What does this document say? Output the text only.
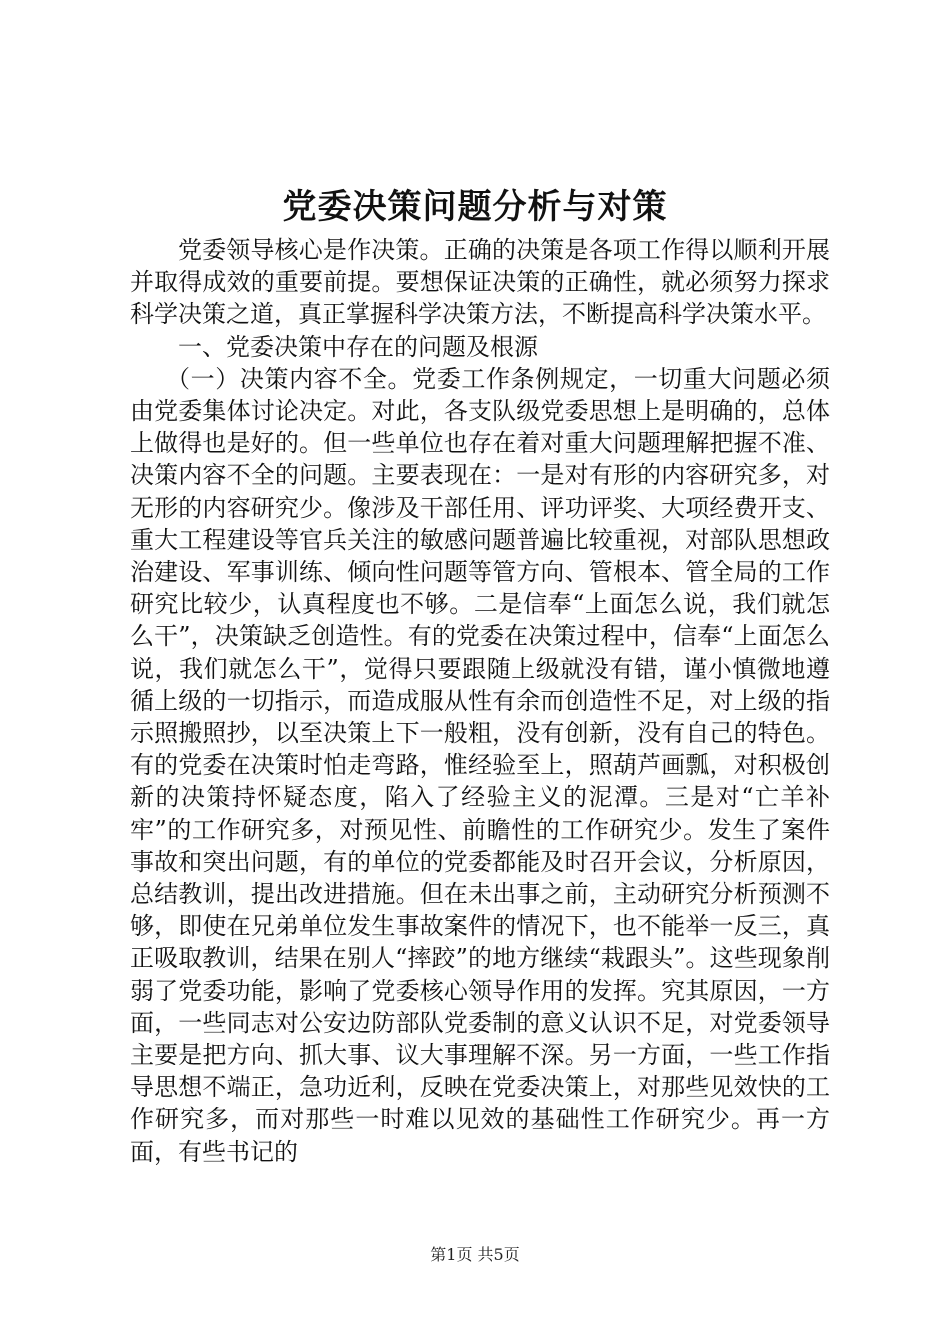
党委决策问题分析与对策

党委领导核心是作决策。正确的决策是各项工作得以顺利开展并取得成效的重要前提。要想保证决策的正确性，就必须努力探求科学决策之道，真正掌握科学决策方法，不断提高科学决策水平。

一、党委决策中存在的问题及根源

（一）决策内容不全。党委工作条例规定，一切重大问题必须由党委集体讨论决定。对此，各支队级党委思想上是明确的，总体上做得也是好的。但一些单位也存在着对重大问题理解把握不准、决策内容不全的问题。主要表现在：一是对有形的内容研究多，对无形的内容研究少。像涉及干部任用、评功评奖、大项经费开支、重大工程建设等官兵关注的敏感问题普遍比较重视，对部队思想政治建设、军事训练、倾向性问题等管方向、管根本、管全局的工作研究比较少，认真程度也不够。二是信奉“上面怎么说，我们就怎么干”，决策缺乏创造性。有的党委在决策过程中，信奉“上面怎么说，我们就怎么干”，觉得只要跟随上级就没有错，谨小慎微地遵循上级的一切指示，而造成服从性有余而创造性不足，对上级的指示照搬照抄，以至决策上下一般粗，没有创新，没有自己的特色。有的党委在决策时怕走弯路，惟经验至上，照葫芦画瓢，对积极创新的决策持怀疑态度，陷入了经验主义的泥潭。三是对“亡羊补牢”的工作研究多，对预见性、前瞻性的工作研究少。发生了案件事故和突出问题，有的单位的党委都能及时召开会议，分析原因，总结教训，提出改进措施。但在未出事之前，主动研究分析预测不够，即使在兄弟单位发生事故案件的情况下，也不能举一反三，真正吸取教训，结果在别人“摔跤”的地方继续“栽跟头”。这些现象削弱了党委功能，影响了党委核心领导作用的发挥。究其原因，一方面，一些同志对公安边防部队党委制的意义认识不足，对党委领导主要是把方向、抓大事、议大事理解不深。另一方面，一些工作指导思想不端正，急功近利，反映在党委决策上，对那些见效快的工作研究多，而对那些一时难以见效的基础性工作研究少。再一方面，有些书记的

第1页 共5页
